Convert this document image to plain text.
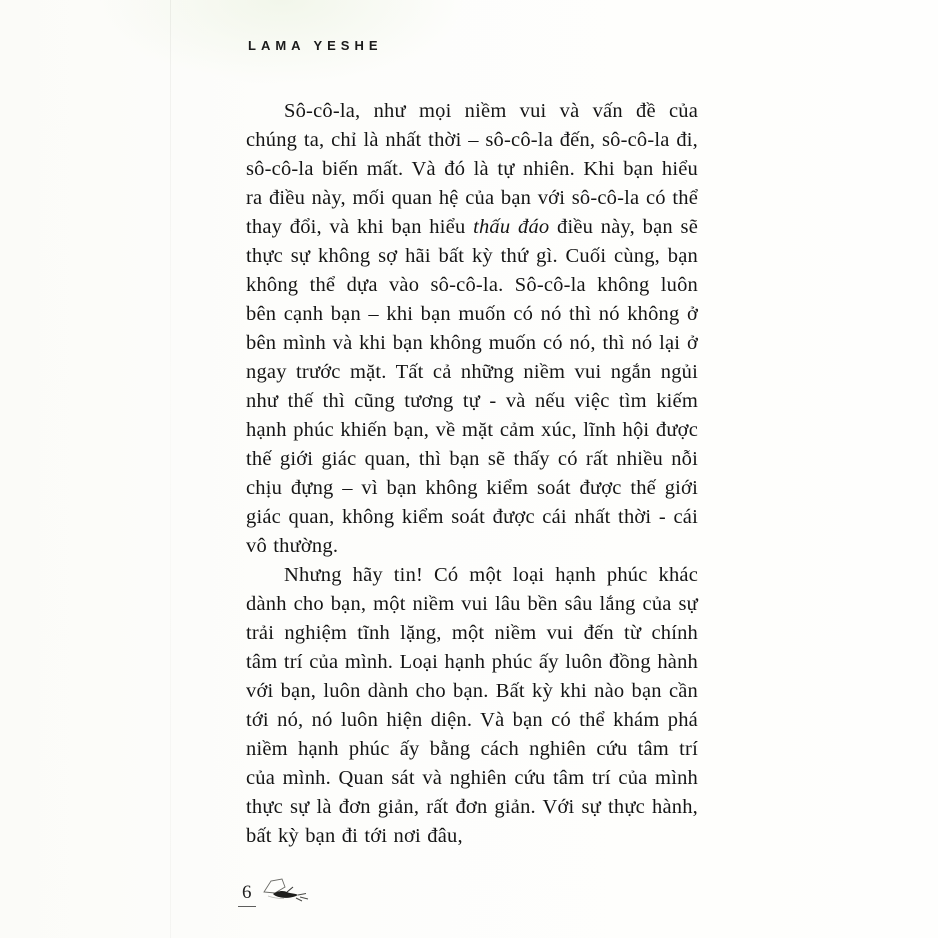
LAMA YESHE

Sô-cô-la, như mọi niềm vui và vấn đề của chúng ta, chỉ là nhất thời – sô-cô-la đến, sô-cô-la đi, sô-cô-la biến mất. Và đó là tự nhiên. Khi bạn hiểu ra điều này, mối quan hệ của bạn với sô-cô-la có thể thay đổi, và khi bạn hiểu thấu đáo điều này, bạn sẽ thực sự không sợ hãi bất kỳ thứ gì. Cuối cùng, bạn không thể dựa vào sô-cô-la. Sô-cô-la không luôn bên cạnh bạn – khi bạn muốn có nó thì nó không ở bên mình và khi bạn không muốn có nó, thì nó lại ở ngay trước mặt. Tất cả những niềm vui ngắn ngủi như thế thì cũng tương tự - và nếu việc tìm kiếm hạnh phúc khiến bạn, về mặt cảm xúc, lĩnh hội được thế giới giác quan, thì bạn sẽ thấy có rất nhiều nỗi chịu đựng – vì bạn không kiểm soát được thế giới giác quan, không kiểm soát được cái nhất thời - cái vô thường.

Nhưng hãy tin! Có một loại hạnh phúc khác dành cho bạn, một niềm vui lâu bền sâu lắng của sự trải nghiệm tĩnh lặng, một niềm vui đến từ chính tâm trí của mình. Loại hạnh phúc ấy luôn đồng hành với bạn, luôn dành cho bạn. Bất kỳ khi nào bạn cần tới nó, nó luôn hiện diện. Và bạn có thể khám phá niềm hạnh phúc ấy bằng cách nghiên cứu tâm trí của mình. Quan sát và nghiên cứu tâm trí của mình thực sự là đơn giản, rất đơn giản. Với sự thực hành, bất kỳ bạn đi tới nơi đâu,

6
